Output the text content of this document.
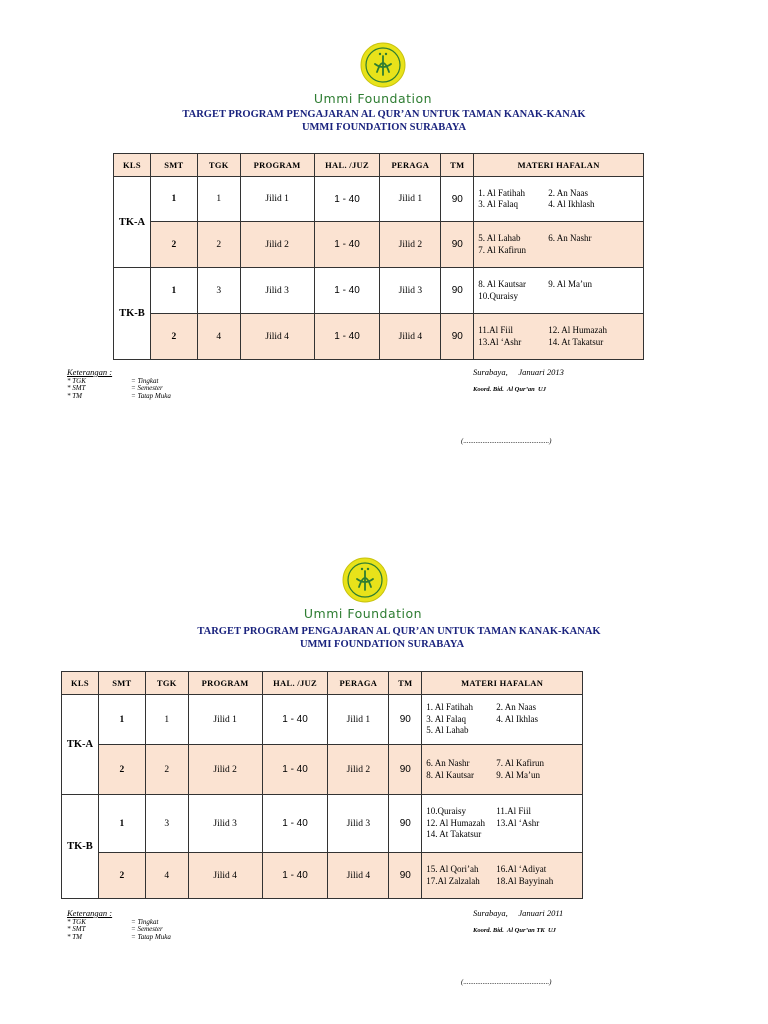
Ummi Foundation
TARGET PROGRAM PENGAJARAN AL QUR’AN UNTUK TAMAN KANAK-KANAK
UMMI FOUNDATION SURABAYA
KLS	SMT	TGK	PROGRAM	HAL. /JUZ	PERAGA	TM	MATERI HAFALAN
TK-A	1	1	Jilid 1	1 - 40	Jilid 1	90	1. Al Fatihah 2. An Naas
3. Al Falaq 4. Al Ikhlash

	2	2	Jilid 2	1 - 40	Jilid 2	90	5. Al Lahab 6. An Nashr
7. Al Kafirun

TK-B	1	3	Jilid 3	1 - 40	Jilid 3	90	8. Al Kautsar 9. Al Ma’un
10.Quraisy

	2	4	Jilid 4	1 - 40	Jilid 4	90	11.Al Fiil 12. Al Humazah
13.Al ‘Ashr 14. At Takatsur
Keterangan :
* TGK	= Tingkat
* SMT	= Semester
* TM	= Tatap Muka
Surabaya,     Januari 2013
Koord. Bid.  Al Qur’an  UJ
(.................................................)
Ummi Foundation
TARGET PROGRAM PENGAJARAN AL QUR’AN UNTUK TAMAN KANAK-KANAK
UMMI FOUNDATION SURABAYA
KLS	SMT	TGK	PROGRAM	HAL. /JUZ	PERAGA	TM	MATERI HAFALAN
TK-A	1	1	Jilid 1	1 - 40	Jilid 1	90	1. Al Fatihah 2. An Naas
3. Al Falaq 4. Al Ikhlas
5. Al Lahab

	2	2	Jilid 2	1 - 40	Jilid 2	90	6. An Nashr 7. Al Kafirun
8. Al Kautsar 9. Al Ma’un

TK-B	1	3	Jilid 3	1 - 40	Jilid 3	90	10.Quraisy 11.Al Fiil
12. Al Humazah 13.Al ‘Ashr
14. At Takatsur

	2	4	Jilid 4	1 - 40	Jilid 4	90	15. Al Qori’ah 16.Al ‘Adiyat
17.Al Zalzalah 18.Al Bayyinah
Keterangan :
* TGK	= Tingkat
* SMT	= Semester
* TM	= Tatap Muka
Surabaya,     Januari 2011
Koord. Bid.  Al Qur’an TK  UJ
(.................................................)
